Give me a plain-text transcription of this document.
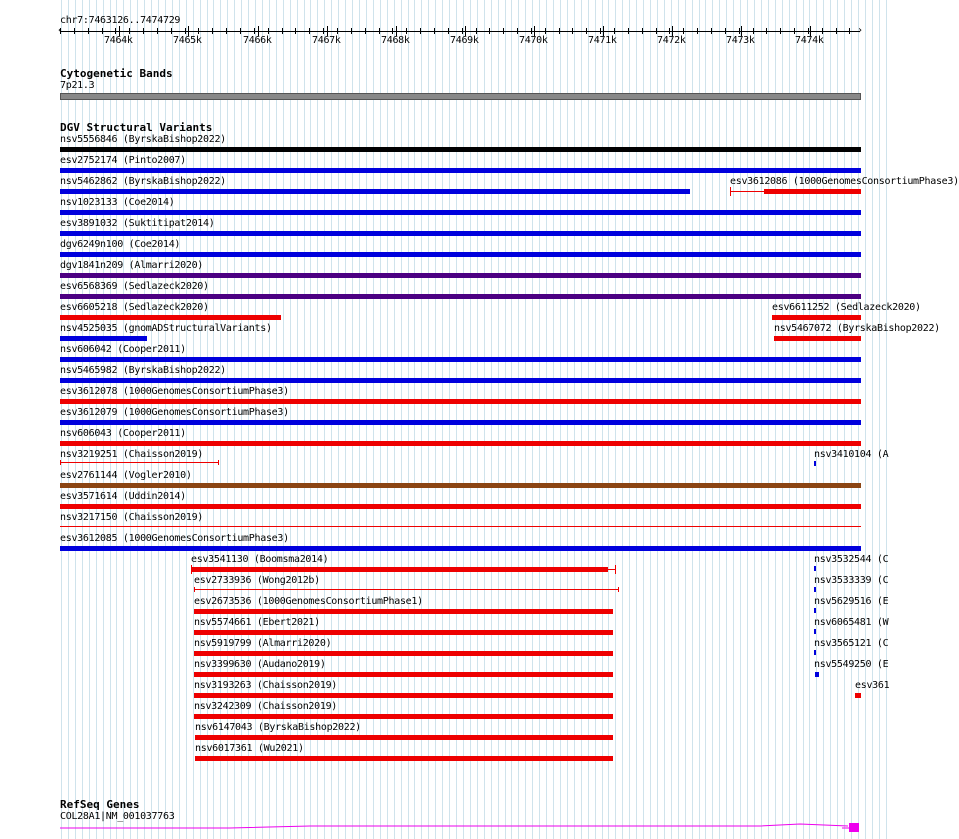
chr7:7463126..7474729
7464k	7465k	7466k	7467k	7468k	7469k	7470k	7471k	7472k	7473k	7474k
‹	›
Cytogenetic Bands
7p21.3
DGV Structural Variants
nsv5556846 (ByrskaBishop2022)
esv2752174 (Pinto2007)
nsv5462862 (ByrskaBishop2022)	esv3612086 (1000GenomesConsortiumPhase3)
nsv1023133 (Coe2014)
esv3891032 (Suktitipat2014)
dgv6249n100 (Coe2014)
dgv1841n209 (Almarri2020)
esv6568369 (Sedlazeck2020)
esv6605218 (Sedlazeck2020)	esv6611252 (Sedlazeck2020)
nsv4525035 (gnomADStructuralVariants)	nsv5467072 (ByrskaBishop2022)
nsv606042 (Cooper2011)
nsv5465982 (ByrskaBishop2022)
esv3612078 (1000GenomesConsortiumPhase3)
esv3612079 (1000GenomesConsortiumPhase3)
nsv606043 (Cooper2011)
nsv3219251 (Chaisson2019)	nsv3410104 (A
esv2761144 (Vogler2010)
esv3571614 (Uddin2014)
nsv3217150 (Chaisson2019)
esv3612085 (1000GenomesConsortiumPhase3)
esv3541130 (Boomsma2014)	nsv3532544 (C
esv2733936 (Wong2012b)	nsv3533339 (C
esv2673536 (1000GenomesConsortiumPhase1)	nsv5629516 (E
nsv5574661 (Ebert2021)	nsv6065481 (W
nsv5919799 (Almarri2020)	nsv3565121 (C
nsv3399630 (Audano2019)	nsv5549250 (E
nsv3193263 (Chaisson2019)	esv361
nsv3242309 (Chaisson2019)
nsv6147043 (ByrskaBishop2022)
nsv6017361 (Wu2021)
RefSeq Genes
COL28A1|NM_001037763
